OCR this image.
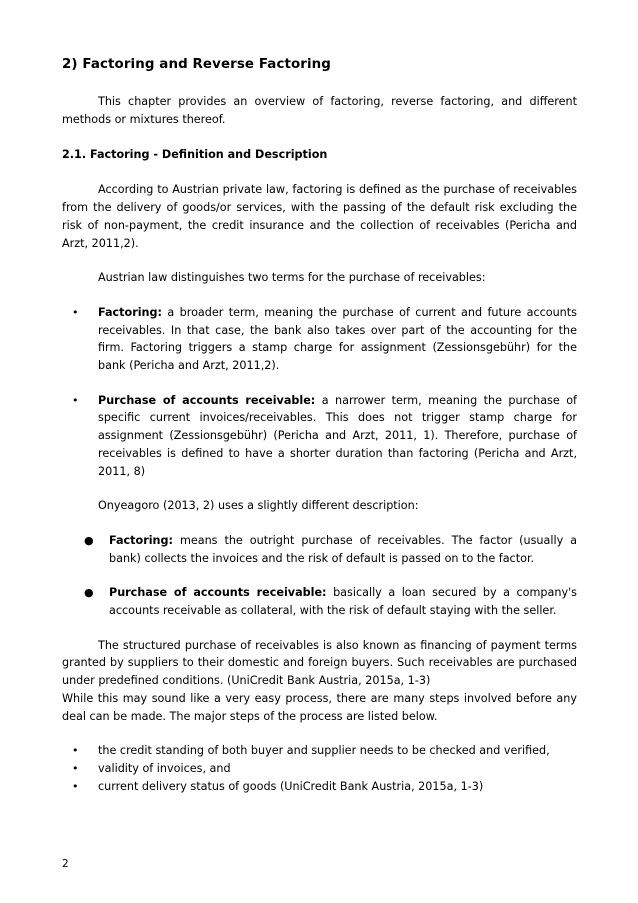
2) Factoring and Reverse Factoring

This chapter provides an overview of factoring, reverse factoring, and different methods or mixtures thereof.

2.1. Factoring - Definition and Description

According to Austrian private law, factoring is defined as the purchase of receivables from the delivery of goods/or services, with the passing of the default risk excluding the risk of non-payment, the credit insurance and the collection of receivables (Pericha and Arzt, 2011,2).

Austrian law distinguishes two terms for the purchase of receivables:

• Factoring: a broader term, meaning the purchase of current and future accounts receivables. In that case, the bank also takes over part of the accounting for the firm. Factoring triggers a stamp charge for assignment (Zessionsgebühr) for the bank (Pericha and Arzt, 2011,2).
• Purchase of accounts receivable: a narrower term, meaning the purchase of specific current invoices/receivables. This does not trigger stamp charge for assignment (Zessionsgebühr) (Pericha and Arzt, 2011, 1). Therefore, purchase of receivables is defined to have a shorter duration than factoring (Pericha and Arzt, 2011, 8)

Onyeagoro (2013, 2) uses a slightly different description:

● Factoring: means the outright purchase of receivables. The factor (usually a bank) collects the invoices and the risk of default is passed on to the factor.
● Purchase of accounts receivable: basically a loan secured by a company's accounts receivable as collateral, with the risk of default staying with the seller.

The structured purchase of receivables is also known as financing of payment terms granted by suppliers to their domestic and foreign buyers. Such receivables are purchased under predefined conditions. (UniCredit Bank Austria, 2015a, 1-3)

While this may sound like a very easy process, there are many steps involved before any deal can be made. The major steps of the process are listed below.

• the credit standing of both buyer and supplier needs to be checked and verified,
• validity of invoices, and
• current delivery status of goods (UniCredit Bank Austria, 2015a, 1-3)
2
